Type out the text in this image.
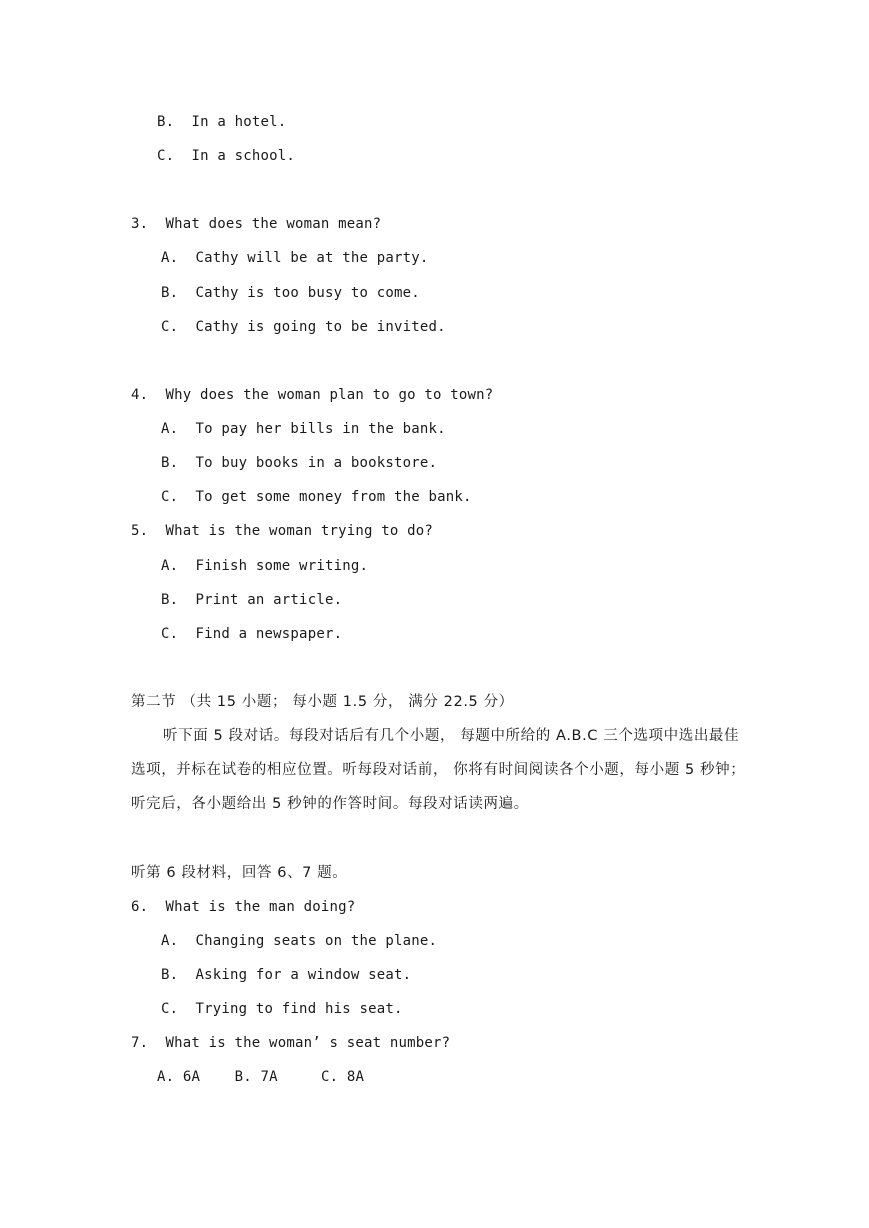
B.  In a hotel.
C.  In a school.
3.  What does the woman mean?
A.  Cathy will be at the party.
B.  Cathy is too busy to come.
C.  Cathy is going to be invited.
4.  Why does the woman plan to go to town?
A.  To pay her bills in the bank.
B.  To buy books in a bookstore.
C.  To get some money from the bank.
5.  What is the woman trying to do?
A.  Finish some writing.
B.  Print an article.
C.  Find a newspaper.
第二节 （共 15 小题； 每小题 1.5 分， 满分 22.5 分）
听下面 5 段对话。每段对话后有几个小题， 每题中所给的 A.B.C 三个选项中选出最佳选项，并标在试卷的相应位置。听每段对话前， 你将有时间阅读各个小题，每小题 5 秒钟；听完后，各小题给出 5 秒钟的作答时间。每段对话读两遍。
听第 6 段材料，回答 6、7 题。
6.  What is the man doing?
A.  Changing seats on the plane.
B.  Asking for a window seat.
C.  Trying to find his seat.
7.  What is the woman’ s seat number?
A. 6A    B. 7A     C. 8A
